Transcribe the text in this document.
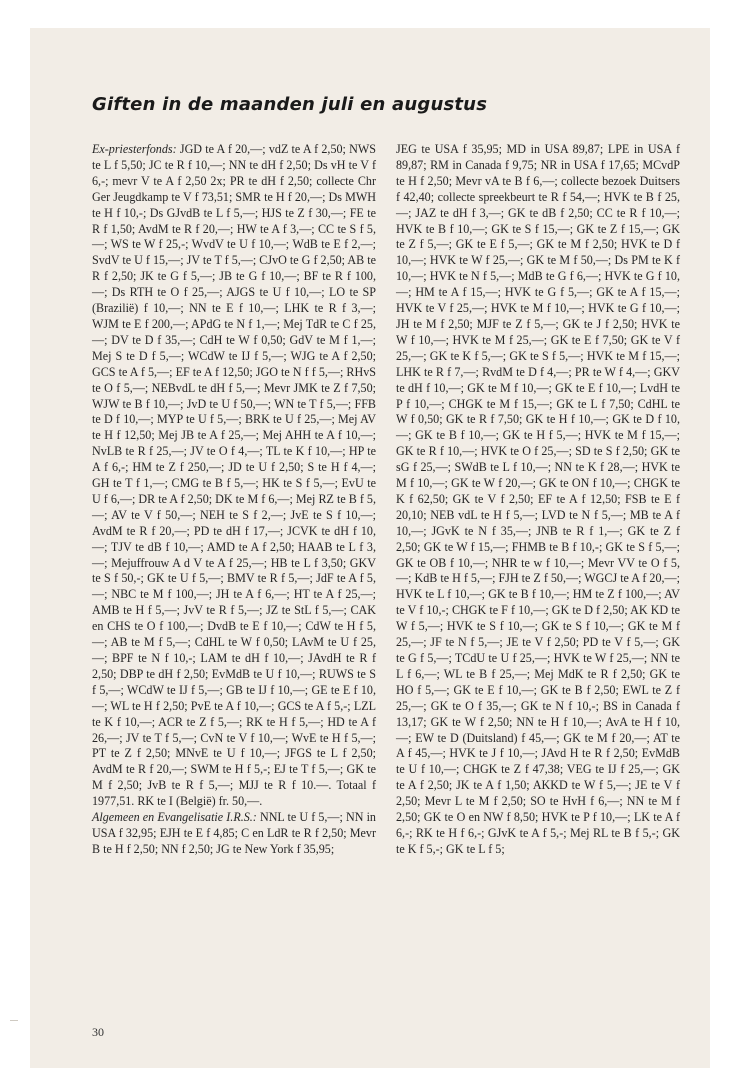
Giften in de maanden juli en augustus

Ex-priesterfonds: JGD te A f 20,—; vdZ te A f 2,50; NWS te L f 5,50; JC te R f 10,—; NN te dH f 2,50; Ds vH te V f 6,-; mevr V te A f 2,50 2x; PR te dH f 2,50; collecte Chr Ger Jeugdkamp te V f 73,51; SMR te H f 20,—; Ds MWH te H f 10,-; Ds GJvdB te L f 5,—; HJS te Z f 30,—; FE te R f 1,50; AvdM te R f 20,—; HW te A f 3,—; CC te S f 5,—; WS te W f 25,-; WvdV te U f 10,—; WdB te E f 2,—; SvdV te U f 15,—; JV te T f 5,—; CJvO te G f 2,50; AB te R f 2,50; JK te G f 5,—; JB te G f 10,—; BF te R f 100,—; Ds RTH te O f 25,—; AJGS te U f 10,—; LO te SP (Brazilië) f 10,—; NN te E f 10,—; LHK te R f 3,—; WJM te E f 200,—; APdG te N f 1,—; Mej TdR te C f 25,—; DV te D f 35,—; CdH te W f 0,50; GdV te M f 1,—; Mej S te D f 5,—; WCdW te IJ f 5,—; WJG te A f 2,50; GCS te A f 5,—; EF te A f 12,50; JGO te N f f 5,—; RHvS te O f 5,—; NEBvdL te dH f 5,—; Mevr JMK te Z f 7,50; WJW te B f 10,—; JvD te U f 50,—; WN te T f 5,—; FFB te D f 10,—; MYP te U f 5,—; BRK te U f 25,—; Mej AV te H f 12,50; Mej JB te A f 25,—; Mej AHH te A f 10,—; NvLB te R f 25,—; JV te O f 4,—; TL te K f 10,—; HP te A f 6,-; HM te Z f 250,—; JD te U f 2,50; S te H f 4,—; GH te T f 1,—; CMG te B f 5,—; HK te S f 5,—; EvU te U f 6,—; DR te A f 2,50; DK te M f 6,—; Mej RZ te B f 5,—; AV te V f 50,—; NEH te S f 2,—; JvE te S f 10,—; AvdM te R f 20,—; PD te dH f 17,—; JCVK te dH f 10,—; TJV te dB f 10,—; AMD te A f 2,50; HAAB te L f 3,—; Mejuffrouw A d V te A f 25,—; HB te L f 3,50; GKV te S f 50,-; GK te U f 5,—; BMV te R f 5,—; JdF te A f 5,—; NBC te M f 100,—; JH te A f 6,—; HT te A f 25,—; AMB te H f 5,—; JvV te R f 5,—; JZ te StL f 5,—; CAK en CHS te O f 100,—; DvdB te E f 10,—; CdW te H f 5,—; AB te M f 5,—; CdHL te W f 0,50; LAvM te U f 25,—; BPF te N f 10,-; LAM te dH f 10,—; JAvdH te R f 2,50; DBP te dH f 2,50; EvMdB te U f 10,—; RUWS te S f 5,—; WCdW te IJ f 5,—; GB te IJ f 10,—; GE te E f 10,—; WL te H f 2,50; PvE te A f 10,—; GCS te A f 5,-; LZL te K f 10,—; ACR te Z f 5,—; RK te H f 5,—; HD te A f 26,—; JV te T f 5,—; CvN te V f 10,—; WvE te H f 5,—; PT te Z f 2,50; MNvE te U f 10,—; JFGS te L f 2,50; AvdM te R f 20,—; SWM te H f 5,-; EJ te T f 5,—; GK te M f 2,50; JvB te R f 5,—; MJJ te R f 10.—. Totaal f 1977,51. RK te I (België) fr. 50,—.

Algemeen en Evangelisatie I.R.S.: NNL te U f 5,—; NN in USA f 32,95; EJH te E f 4,85; C en LdR te R f 2,50; Mevr B te H f 2,50; NN f 2,50; JG te New York f 35,95;

JEG te USA f 35,95; MD in USA 89,87; LPE in USA f 89,87; RM in Canada f 9,75; NR in USA f 17,65; MCvdP te H f 2,50; Mevr vA te B f 6,—; collecte bezoek Duitsers f 42,40; collecte spreekbeurt te R f 54,—; HVK te B f 25,—; JAZ te dH f 3,—; GK te dB f 2,50; CC te R f 10,—; HVK te B f 10,—; GK te S f 15,—; GK te Z f 15,—; GK te Z f 5,—; GK te E f 5,—; GK te M f 2,50; HVK te D f 10,—; HVK te W f 25,—; GK te M f 50,—; Ds PM te K f 10,—; HVK te N f 5,—; MdB te G f 6,—; HVK te G f 10,—; HM te A f 15,—; HVK te G f 5,—; GK te A f 15,—; HVK te V f 25,—; HVK te M f 10,—; HVK te G f 10,—; JH te M f 2,50; MJF te Z f 5,—; GK te J f 2,50; HVK te W f 10,—; HVK te M f 25,—; GK te E f 7,50; GK te V f 25,—; GK te K f 5,—; GK te S f 5,—; HVK te M f 15,—; LHK te R f 7,—; RvdM te D f 4,—; PR te W f 4,—; GKV te dH f 10,—; GK te M f 10,—; GK te E f 10,—; LvdH te P f 10,—; CHGK te M f 15,—; GK te L f 7,50; CdHL te W f 0,50; GK te R f 7,50; GK te H f 10,—; GK te D f 10,—; GK te B f 10,—; GK te H f 5,—; HVK te M f 15,—; GK te R f 10,—; HVK te O f 25,—; SD te S f 2,50; GK te sG f 25,—; SWdB te L f 10,—; NN te K f 28,—; HVK te M f 10,—; GK te W f 20,—; GK te ON f 10,—; CHGK te K f 62,50; GK te V f 2,50; EF te A f 12,50; FSB te E f 20,10; NEB vdL te H f 5,—; LVD te N f 5,—; MB te A f 10,—; JGvK te N f 35,—; JNB te R f 1,—; GK te Z f 2,50; GK te W f 15,—; FHMB te B f 10,-; GK te S f 5,—; GK te OB f 10,—; NHR te w f 10,—; Mevr VV te O f 5,—; KdB te H f 5,—; FJH te Z f 50,—; WGCJ te A f 20,—; HVK te L f 10,—; GK te B f 10,—; HM te Z f 100,—; AV te V f 10,-; CHGK te F f 10,—; GK te D f 2,50; AK KD te W f 5,—; HVK te S f 10,—; GK te S f 10,—; GK te M f 25,—; JF te N f 5,—; JE te V f 2,50; PD te V f 5,—; GK te G f 5,—; TCdU te U f 25,—; HVK te W f 25,—; NN te L f 6,—; WL te B f 25,—; Mej MdK te R f 2,50; GK te HO f 5,—; GK te E f 10,—; GK te B f 2,50; EWL te Z f 25,—; GK te O f 35,—; GK te N f 10,-; BS in Canada f 13,17; GK te W f 2,50; NN te H f 10,—; AvA te H f 10,—; EW te D (Duitsland) f 45,—; GK te M f 20,—; AT te A f 45,—; HVK te J f 10,—; JAvd H te R f 2,50; EvMdB te U f 10,—; CHGK te Z f 47,38; VEG te IJ f 25,—; GK te A f 2,50; JK te A f 1,50; AKKD te W f 5,—; JE te V f 2,50; Mevr L te M f 2,50; SO te HvH f 6,—; NN te M f 2,50; GK te O en NW f 8,50; HVK te P f 10,—; LK te A f 6,-; RK te H f 6,-; GJvK te A f 5,-; Mej RL te B f 5,-; GK te K f 5,-; GK te L f 5;

30
